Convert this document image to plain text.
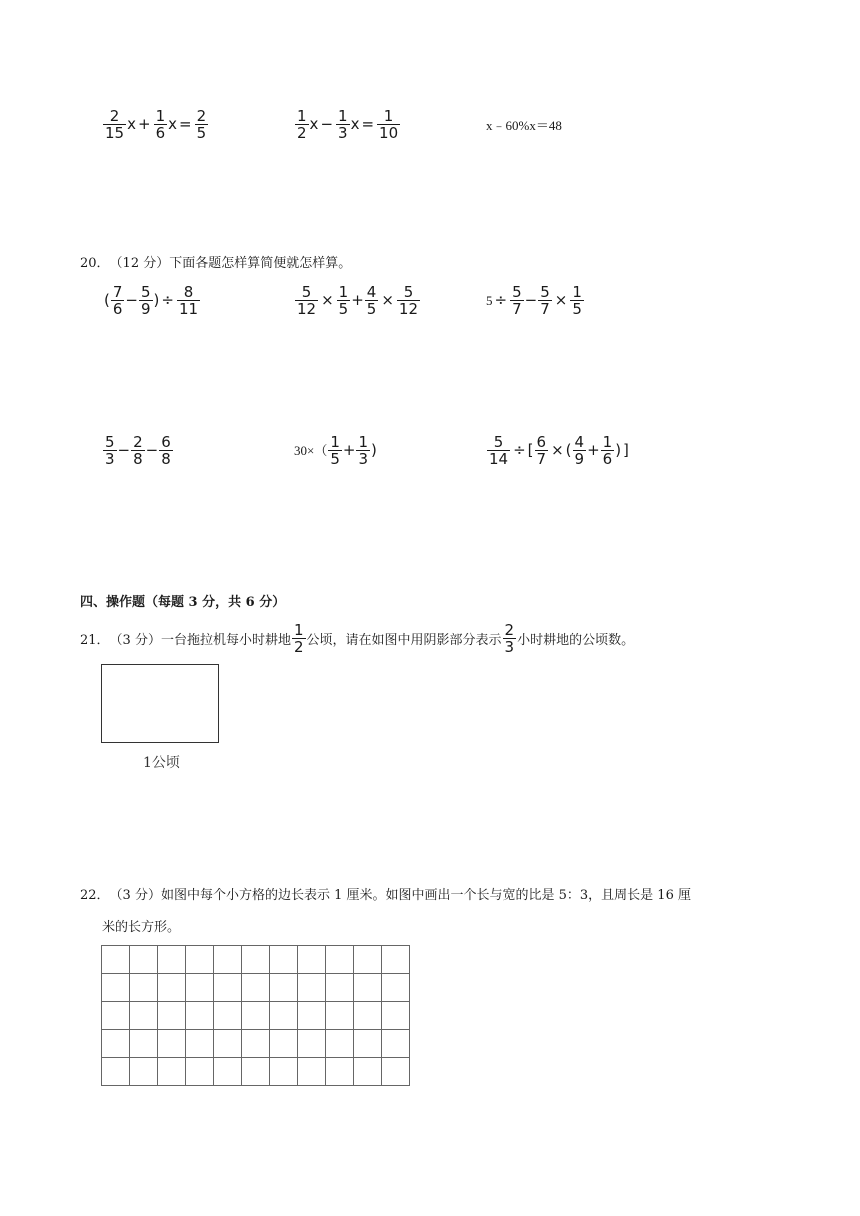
$\frac{2}{15}$ $x + \frac{1}{6}$ $x = \frac{2}{5}$	$\frac{1}{2}$ $x - \frac{1}{3}$ $x = \frac{1}{10}$	x﹣60%x＝48
20． （12 分）下面各题怎样算简便就怎样算。
( $\frac{7}{6} - \frac{5}{9}$ ) ÷ $\frac{8}{11}$	$\frac{5}{12} \times \frac{1}{5} + \frac{4}{5} \times \frac{5}{12}$	$5 \div \frac{5}{7} - \frac{5}{7} \times \frac{1}{5}$
$\frac{5}{3} - \frac{2}{8} - \frac{6}{8}$	$30\times( \frac{1}{5} + \frac{1}{3}$ )	$\frac{5}{14}$ ÷ [ $\frac{6}{7}$ × ( $\frac{4}{9} + \frac{1}{6}$ ) ]
四、操作题（每题 3 分，共 6 分）
21． （3 分）一台拖拉机每小时耕地 $\frac{1}{2}$ 公顷，请在如图中用阴影部分表示 $\frac{2}{3}$ 小时耕地的公顷数。
1公顷
22． （3 分）如图中每个小方格的边长表示 1 厘米。如图中画出一个长与宽的比是 5：3，且周长是 16 厘
米的长方形。
